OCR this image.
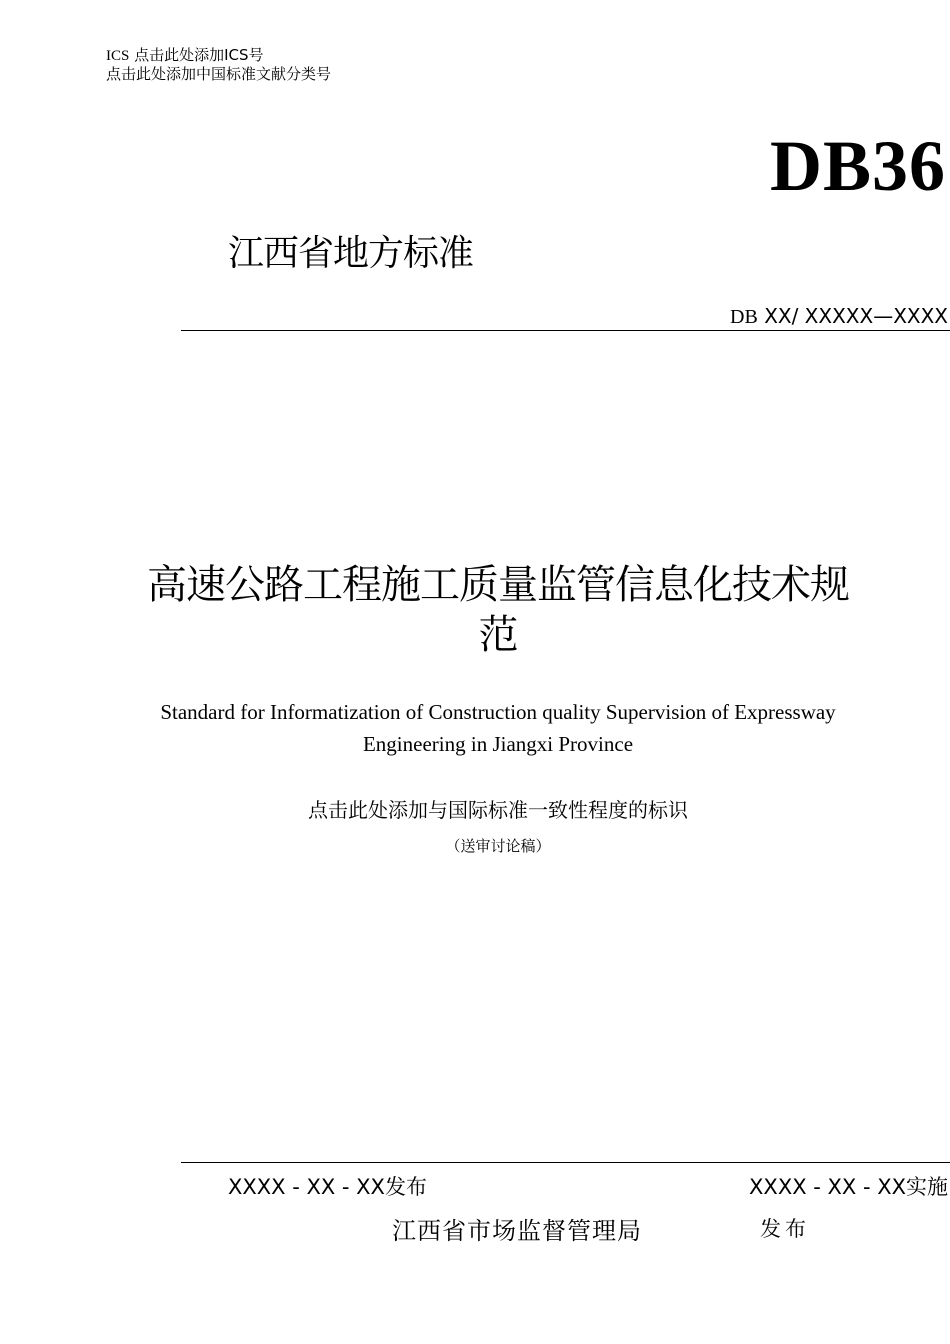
ICS 点击此处添加ICS号
点击此处添加中国标准文献分类号
DB36
江西省地方标准
DB XX/ XXXXX—XXXX
高速公路工程施工质量监管信息化技术规
范
Standard for Informatization of Construction quality Supervision of Expressway
Engineering in Jiangxi Province
点击此处添加与国际标准一致性程度的标识
（送审讨论稿）
XXXX - XX - XX发布	XXXX - XX - XX实施
江西省市场监督管理局	发布
